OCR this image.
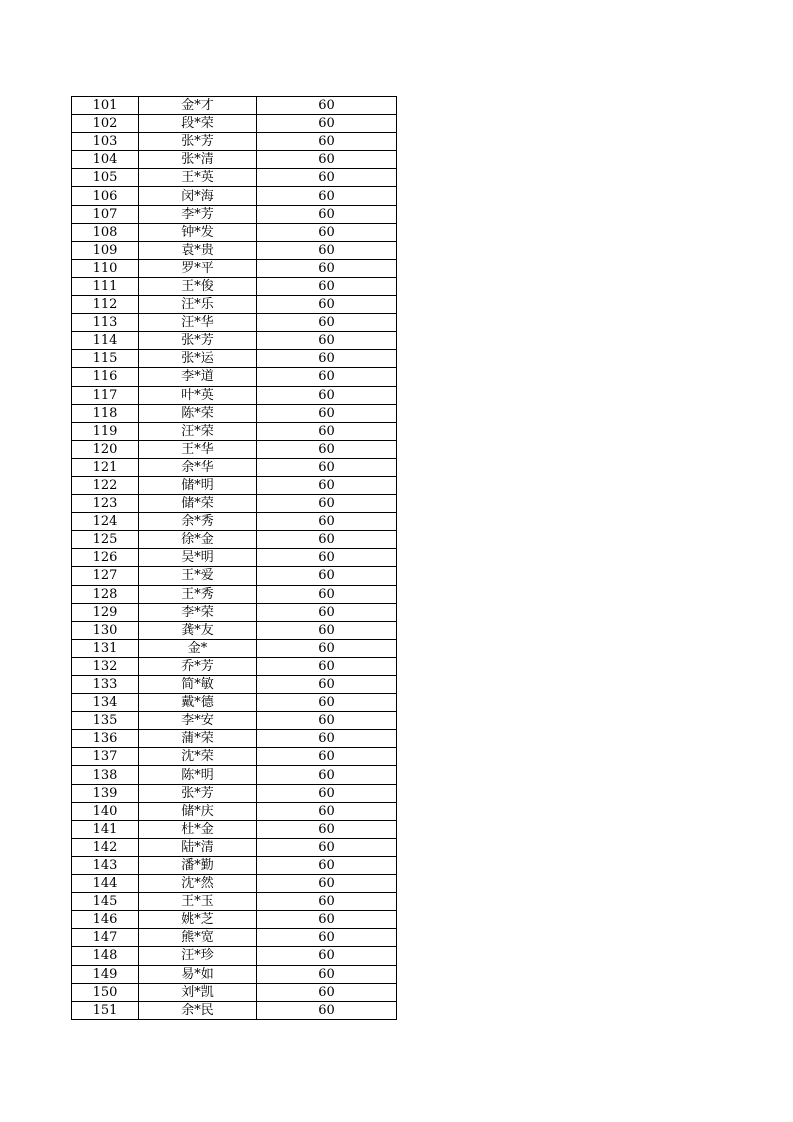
101	金*才	60
102	段*荣	60
103	张*芳	60
104	张*清	60
105	王*英	60
106	闵*海	60
107	李*芳	60
108	钟*发	60
109	袁*贵	60
110	罗*平	60
111	王*俊	60
112	汪*乐	60
113	汪*华	60
114	张*芳	60
115	张*运	60
116	李*道	60
117	叶*英	60
118	陈*荣	60
119	汪*荣	60
120	王*华	60
121	余*华	60
122	储*明	60
123	储*荣	60
124	余*秀	60
125	徐*金	60
126	吴*明	60
127	王*爱	60
128	王*秀	60
129	李*荣	60
130	龚*友	60
131	金*	60
132	乔*芳	60
133	简*敏	60
134	戴*德	60
135	李*安	60
136	蒲*荣	60
137	沈*荣	60
138	陈*明	60
139	张*芳	60
140	储*庆	60
141	杜*金	60
142	陆*清	60
143	潘*勤	60
144	沈*然	60
145	王*玉	60
146	姚*芝	60
147	熊*宽	60
148	汪*珍	60
149	易*如	60
150	刘*凯	60
151	余*民	60
